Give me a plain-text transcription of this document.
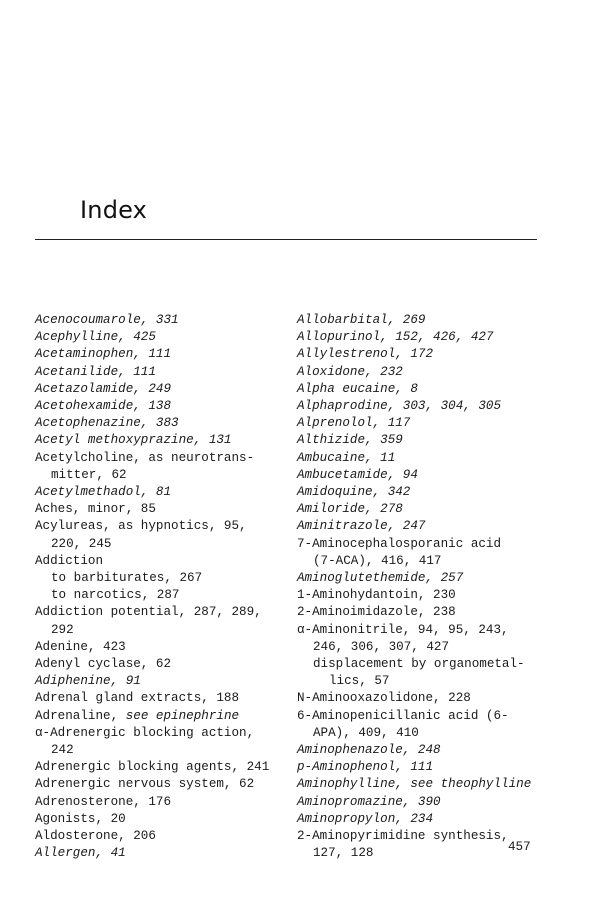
Index
Acenocoumarole, 331
Acephylline, 425
Acetaminophen, 111
Acetanilide, 111
Acetazolamide, 249
Acetohexamide, 138
Acetophenazine, 383
Acetyl methoxyprazine, 131
Acetylcholine, as neurotrans-
mitter, 62
Acetylmethadol, 81
Aches, minor, 85
Acylureas, as hypnotics, 95,
220, 245
Addiction
to barbiturates, 267
to narcotics, 287
Addiction potential, 287, 289,
292
Adenine, 423
Adenyl cyclase, 62
Adiphenine, 91
Adrenal gland extracts, 188
Adrenaline, see epinephrine
α-Adrenergic blocking action,
242
Adrenergic blocking agents, 241
Adrenergic nervous system, 62
Adrenosterone, 176
Agonists, 20
Aldosterone, 206
Allergen, 41
Allobarbital, 269
Allopurinol, 152, 426, 427
Allylestrenol, 172
Aloxidone, 232
Alpha eucaine, 8
Alphaprodine, 303, 304, 305
Alprenolol, 117
Althizide, 359
Ambucaine, 11
Ambucetamide, 94
Amidoquine, 342
Amiloride, 278
Aminitrazole, 247
7-Aminocephalosporanic acid
(7-ACA), 416, 417
Aminoglutethemide, 257
1-Aminohydantoin, 230
2-Aminoimidazole, 238
α-Aminonitrile, 94, 95, 243,
246, 306, 307, 427
displacement by organometal-
lics, 57
N-Aminooxazolidone, 228
6-Aminopenicillanic acid (6-
APA), 409, 410
Aminophenazole, 248
p-Aminophenol, 111
Aminophylline, see theophylline
Aminopromazine, 390
Aminopropylon, 234
2-Aminopyrimidine synthesis,
127, 128	457
